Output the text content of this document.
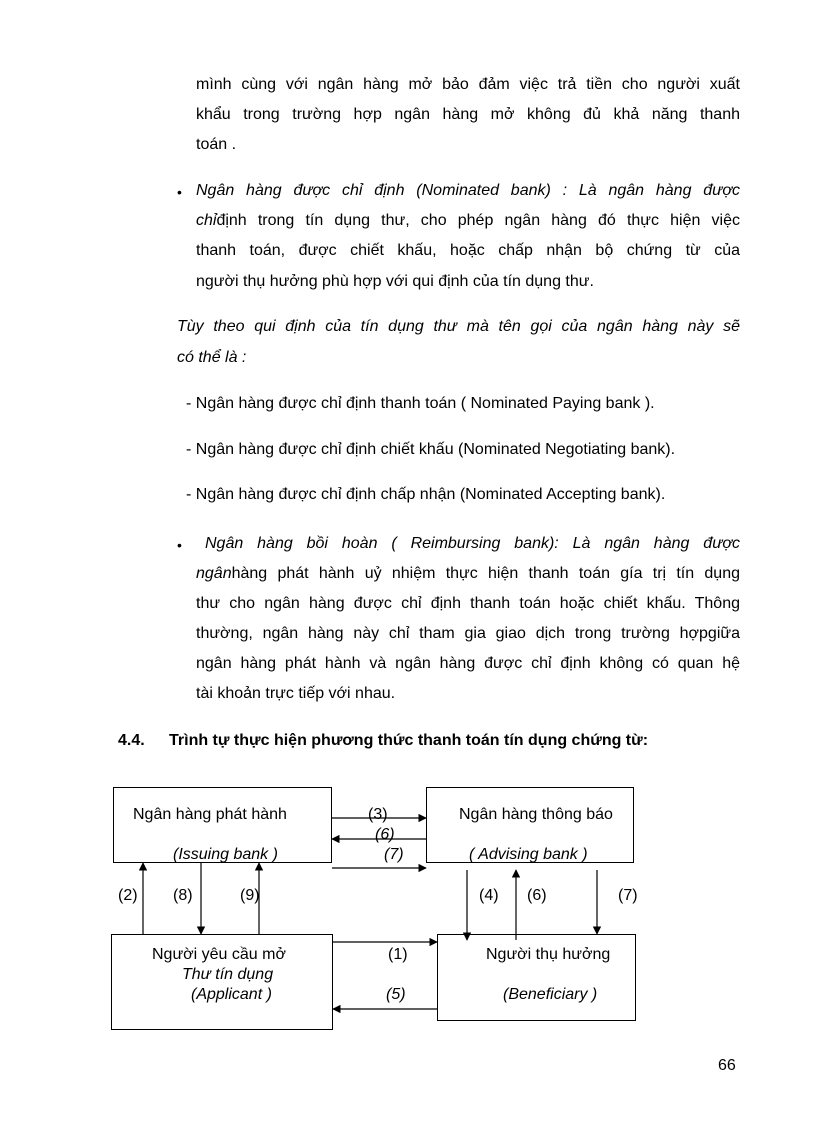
mình cùng với ngân hàng mở bảo đảm việc trả tiền cho người xuất
khẩu trong trường hợp ngân hàng mở không đủ khả năng thanh
toán .
• Ngân hàng được chỉ định (Nominated bank) : Là ngân hàng được
chỉ định trong tín dụng thư, cho phép ngân hàng đó thực hiện việc
thanh toán, được chiết khấu, hoặc chấp nhận bộ chứng từ của
người thụ hưởng phù hợp với qui định của tín dụng thư.
Tùy theo qui định của tín dụng thư mà tên gọi của ngân hàng này sẽ
có thể là :
- Ngân hàng được chỉ định thanh toán ( Nominated Paying bank ).
- Ngân hàng được chỉ định chiết khấu (Nominated Negotiating bank).
- Ngân hàng được chỉ định chấp nhận (Nominated Accepting bank).
• Ngân hàng bồi hoàn ( Reimbursing bank): Là ngân hàng được
ngân hàng phát hành uỷ nhiệm thực hiện thanh toán gía trị tín dụng
thư cho ngân hàng được chỉ định thanh toán hoặc chiết khấu. Thông
thường, ngân hàng này chỉ tham gia giao dịch trong trường hợpgiữa
ngân hàng phát hành và ngân hàng được chỉ định không có quan hệ
tài khoản trực tiếp với nhau.
4.4. Trình tự thực hiện phương thức thanh toán tín dụng chứng từ:
Ngân hàng phát hành
(Issuing bank )
Ngân hàng thông báo
( Advising bank )
Người yêu cầu mở
Thư tín dụng
(Applicant )
Người thụ hưởng
(Beneficiary )
(3)
(6)
(7)
(2) (8)	(9)	(4) (6)	(7)
(1)
(5)
66
